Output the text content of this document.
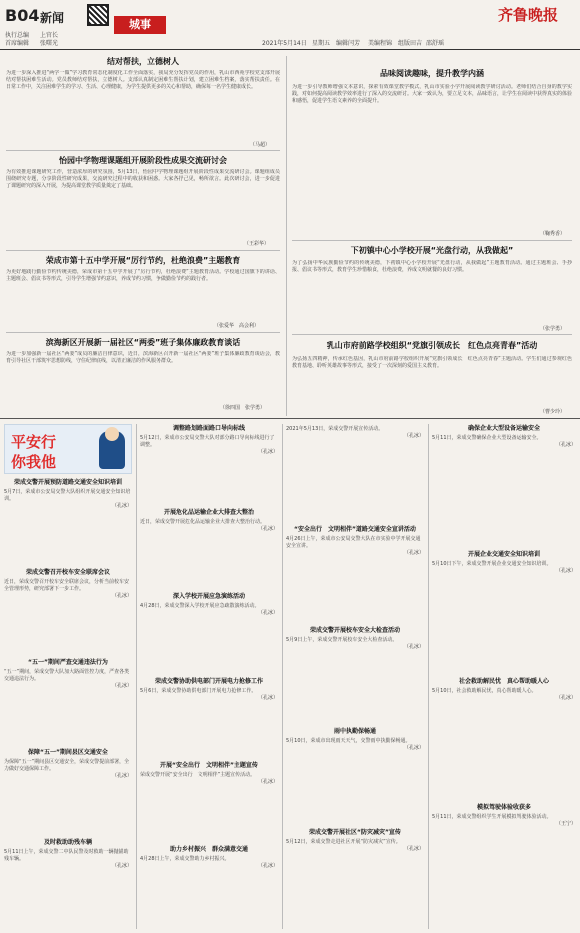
B04 新闻
执行总编 上官长
首席编辑 张曙光
城事
齐鲁晚报
2021年5月14日 星期五 编辑 闫芳 美编 程锦 组版 田吉 邵舒瑶
结对帮扶，立德树人
为进一步深入推进“两学一做”学习教育常态化制度化工作全面落实，我局充分发挥党员的作用，乳山市西苑学校党支部开展结对帮扶困难生活动。党员教师结对帮扶，立德树人。支部认真制定困难生帮扶计划，建立困难生档案，落实帮扶责任。在日常工作中，关注困难学生的学习、生活、心理健康，为学生提供更多的关心和帮助，确保每一名学生健康成长。
（马超）
怡园中学物理课题组开展阶段性成果交流研讨会
为有效推进课题研究工作，营造浓厚的研究氛围，5月13日，怡园中学物理课题组开展阶段性成果交流研讨会。课题组成员围绕研究专题，分享阶段性研究成果，交流研究过程中的收获和困惑。大家各抒己见，畅所欲言。此次研讨会，进一步促进了课题研究的深入开展，为提高课堂教学质量奠定了基础。
（王彩华）
荣成市第十五中学开展“厉行节约，杜绝浪费”主题教育
为更好地践行勤俭节约传统美德，荣成市第十五中学开展了“厉行节约，杜绝浪费”主题教育活动。学校通过国旗下的讲话、主题班会、倡议书等形式，引导学生增强节约意识，养成节约习惯，争做勤俭节约的践行者。
（张爱华　高会利）
滨海新区开展新一届社区“两委”班子集体廉政教育谈话
为进一步加强新一届社区“两委”成员的廉洁自律意识，近日，滨海新区召开新一届社区“两委”班子集体廉政教育谈话会，教育引导社区干部筑牢思想防线，守住纪律底线，以清正廉洁的作风服务群众。
（徐四国　张学勇）
品味阅读趣味，提升教学内涵
为进一步引导教师增强文本意识，探索有效课堂教学模式，乳山市实验小学开展阅读教学研讨活动。老师们结合自身的教学实践，对如何提高阅读教学效率进行了深入的交流研讨。大家一致认为，要立足文本，品味语言，让学生在阅读中获得真实的体验和感悟，促进学生语文素养的全面提升。
（鞠秀香）
下初镇中心小学校开展“光盘行动，从我做起”
为了弘扬中华民族勤俭节约的传统美德，下初镇中心小学校开展“光盘行动，从我做起”主题教育活动。通过主题班会、手抄报、倡议书等形式，教育学生珍惜粮食，杜绝浪费，养成文明就餐的良好习惯。
（张学勇）
乳山市府前路学校组织“党旗引领成长　红色点亮青春”活动
为弘扬五四精神，传承红色基因，乳山市府前路学校组织开展“党旗引领成长　红色点亮青春”主题活动。学生们通过参观红色教育基地、聆听英雄故事等形式，接受了一次深刻的爱国主义教育。
（曹少玲）
平安行
你我他
荣成交警开展预防道路交通安全知识培训
5月7日，荣成市公安局交警大队组织开展交通安全知识培训。
（孔冰）
荣成交警召开校车安全联席会议
近日，荣成交警召开校车安全联席会议，分析当前校车安全管理形势，研究部署下一步工作。
（孔冰）
“五一”期间严查交通违法行为
“五一”期间，荣成交警大队加大路面管控力度，严查各类交通违法行为。
（孔冰）
保障“五一”期间县区交通安全
为保障“五一”期间县区交通安全，荣成交警提前部署，全力做好交通保障工作。
（孔冰）
及时救助助残车辆
5月11日上午，荣成交警二中队民警及时救助一辆抛锚助残车辆。
（孔冰）
调整路划路面路口导向标线
5月12日，荣成市公安局交警大队对部分路口导向标线进行了调整。
（孔冰）
开展危化品运输企业大排查大整治
近日，荣成交警开展危化品运输企业大排查大整治行动。
（孔冰）
深入学校开展应急演练活动
4月28日，荣成交警深入学校开展应急疏散演练活动。
（孔冰）
荣成交警协助供电部门开展电力抢修工作
5月6日，荣成交警协助供电部门开展电力抢修工作。
（孔冰）
开展“安全出行　文明相伴”主题宣传
荣成交警开展“安全出行　文明相伴”主题宣传活动。
（孔冰）
助力乡村振兴　群众满意交通
4月28日上午，荣成交警助力乡村振兴。
（孔冰）
2021年5月13日，荣成交警开展宣传活动。
（孔冰）
“安全出行　文明相伴”道路交通安全宣讲活动
4月26日上午，荣成市公安局交警大队在市实验中学开展交通安全宣讲。
（孔冰）
荣成交警开展校车安全大检查活动
5月9日上午，荣成交警开展校车安全大检查活动。
（孔冰）
雨中执勤保畅通
5月10日，荣成市出现雨天天气，交警雨中执勤保畅通。
（孔冰）
荣成交警开展社区“防灾减灾”宣传
5月12日，荣成交警走进社区开展“防灾减灾”宣传。
（孔冰）
确保企业大型设备运输安全
5月11日，荣成交警确保企业大型设备运输安全。
（孔冰）
开展企业交通安全知识培训
5月10日下午，荣成交警开展企业交通安全知识培训。
（孔冰）
社会救助解民忧　真心帮助暖人心
5月10日，社会救助解民忧，真心帮助暖人心。
（孔冰）
模拟驾驶体验收获多
5月11日，荣成交警组织学生开展模拟驾驶体验活动。
（王宁）
